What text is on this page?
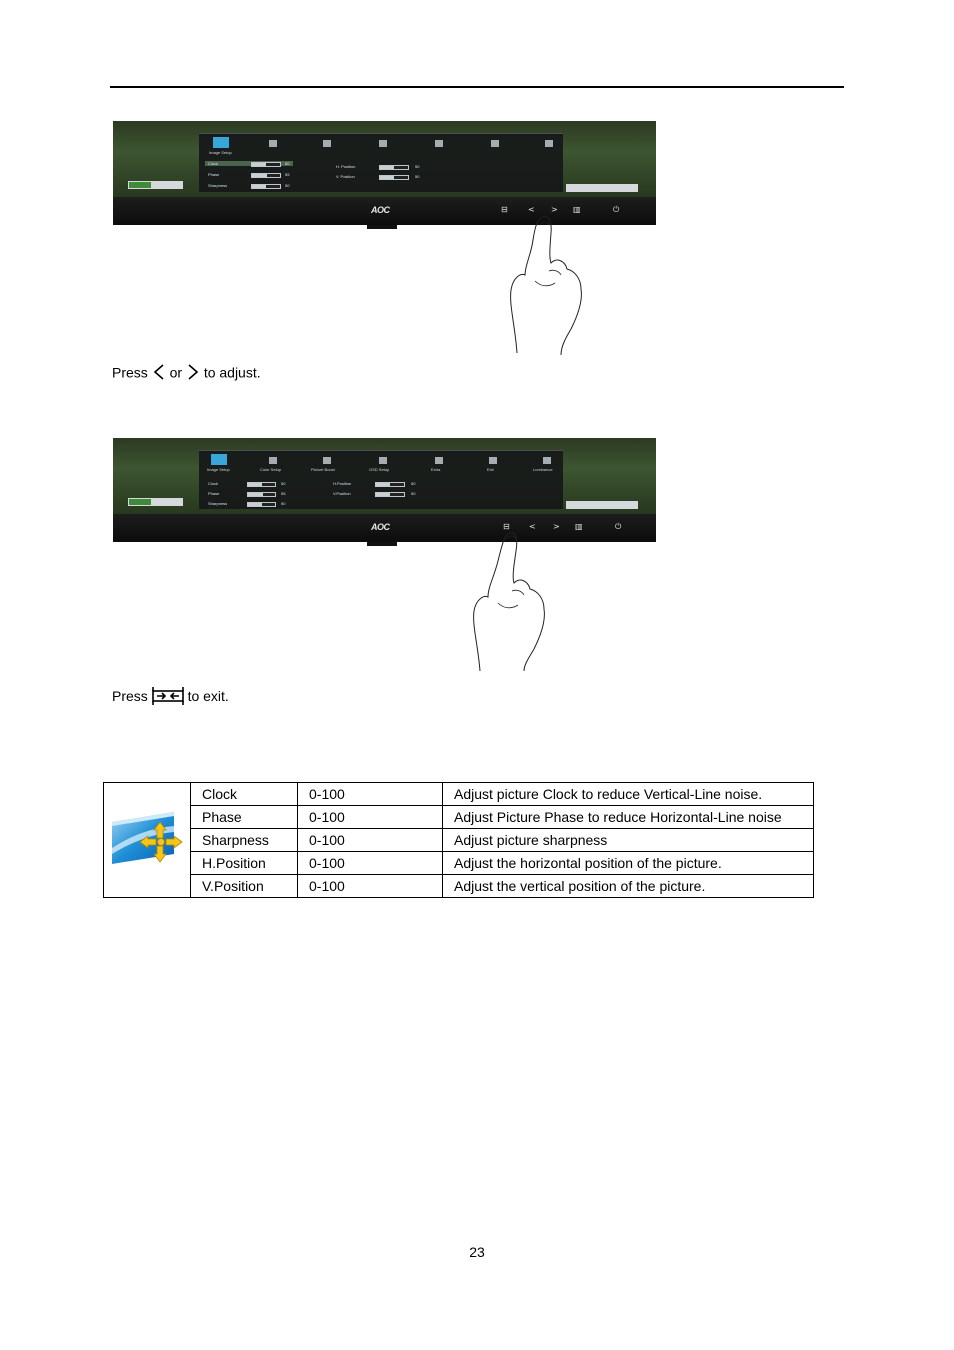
Image Setup
Clock	50
Phase	55
Sharpness	50
H. Position	50
V. Position	50
AOC	⊟	< > ▥	⏻
Press or to adjust.
Image Setup	Color Setup	Picture Boost	OSD Setup	Extra	Exit	Luminance
Clock	50
Phase	55
Sharpness	50
H.Position	50
V.Position	50
AOC	⊟ < > ▥	⏻
Press	to exit.
	Clock	0-100	Adjust picture Clock to reduce Vertical-Line noise.
	Phase	0-100	Adjust Picture Phase to reduce Horizontal-Line noise
	Sharpness	0-100	Adjust picture sharpness
	H.Position	0-100	Adjust the horizontal position of the picture.
	V.Position	0-100	Adjust the vertical position of the picture.
23
